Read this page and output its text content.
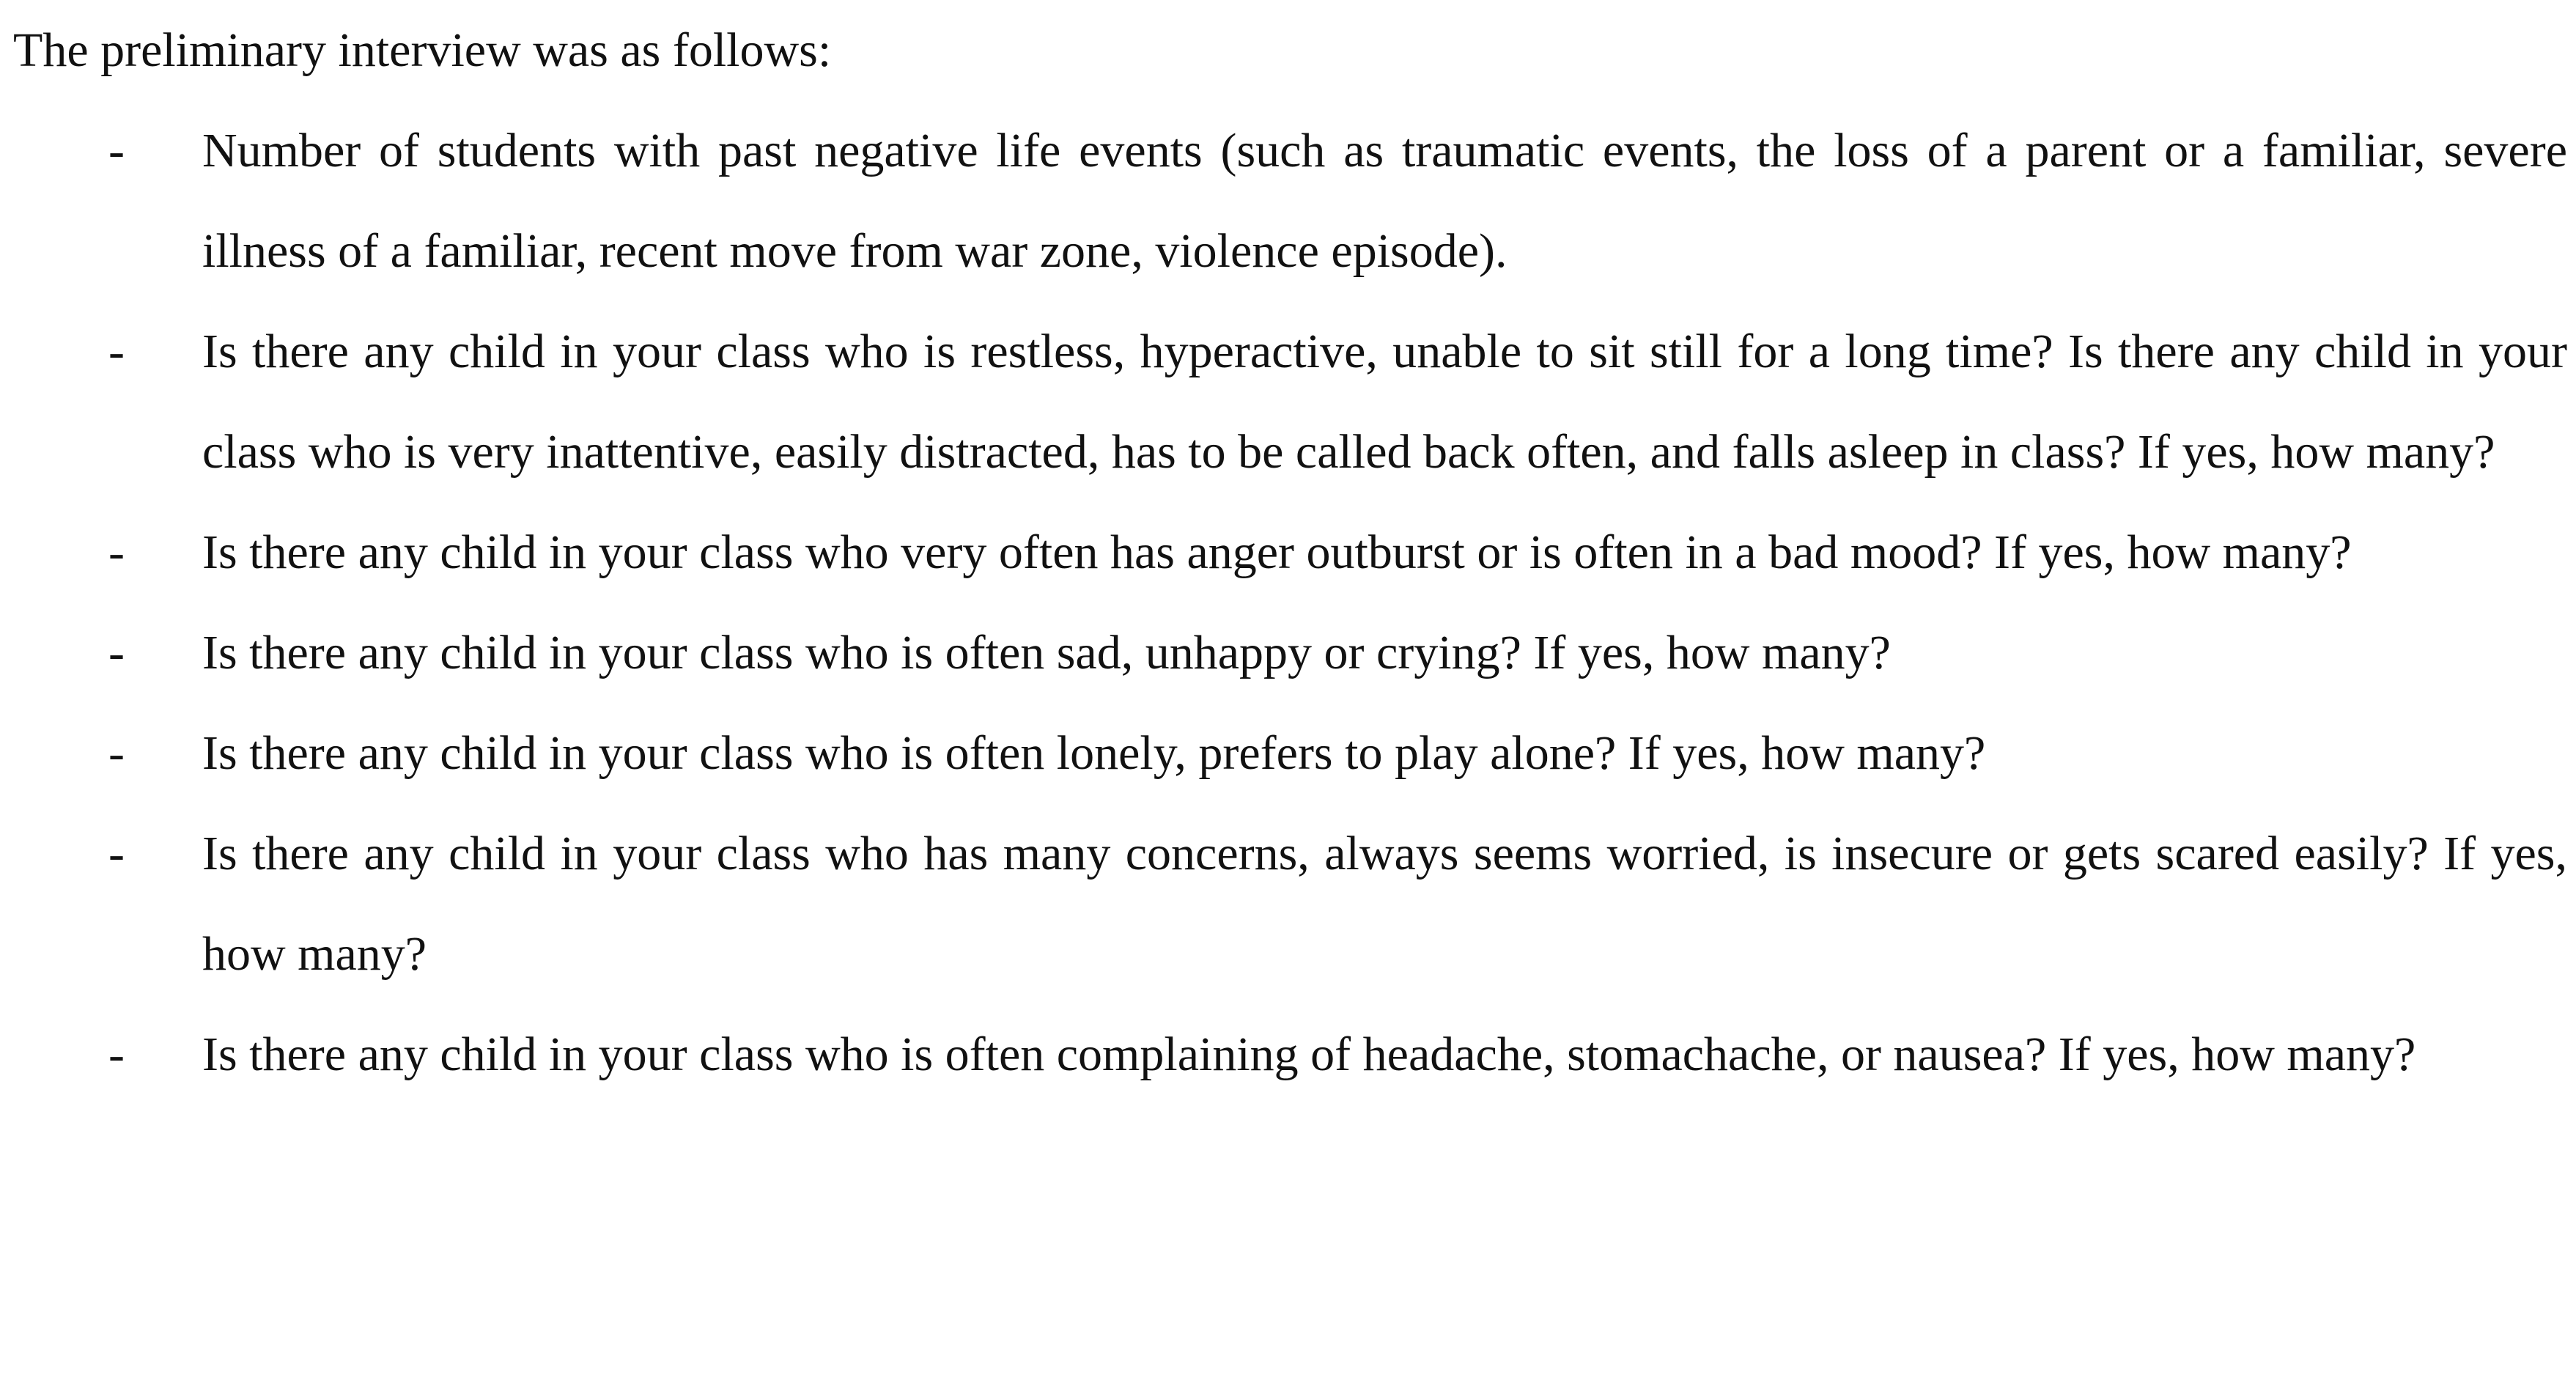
The preliminary interview was as follows:

- Number of students with past negative life events (such as traumatic events, the loss of a parent or a familiar, severe illness of a familiar, recent move from war zone, violence episode).
- Is there any child in your class who is restless, hyperactive, unable to sit still for a long time? Is there any child in your class who is very inattentive, easily distracted, has to be called back often, and falls asleep in class? If yes, how many?
- Is there any child in your class who very often has anger outburst or is often in a bad mood? If yes, how many?
- Is there any child in your class who is often sad, unhappy or crying? If yes, how many?
- Is there any child in your class who is often lonely, prefers to play alone? If yes, how many?
- Is there any child in your class who has many concerns, always seems worried, is insecure or gets scared easily? If yes, how many?
- Is there any child in your class who is often complaining of headache, stomachache, or nausea? If yes, how many?
